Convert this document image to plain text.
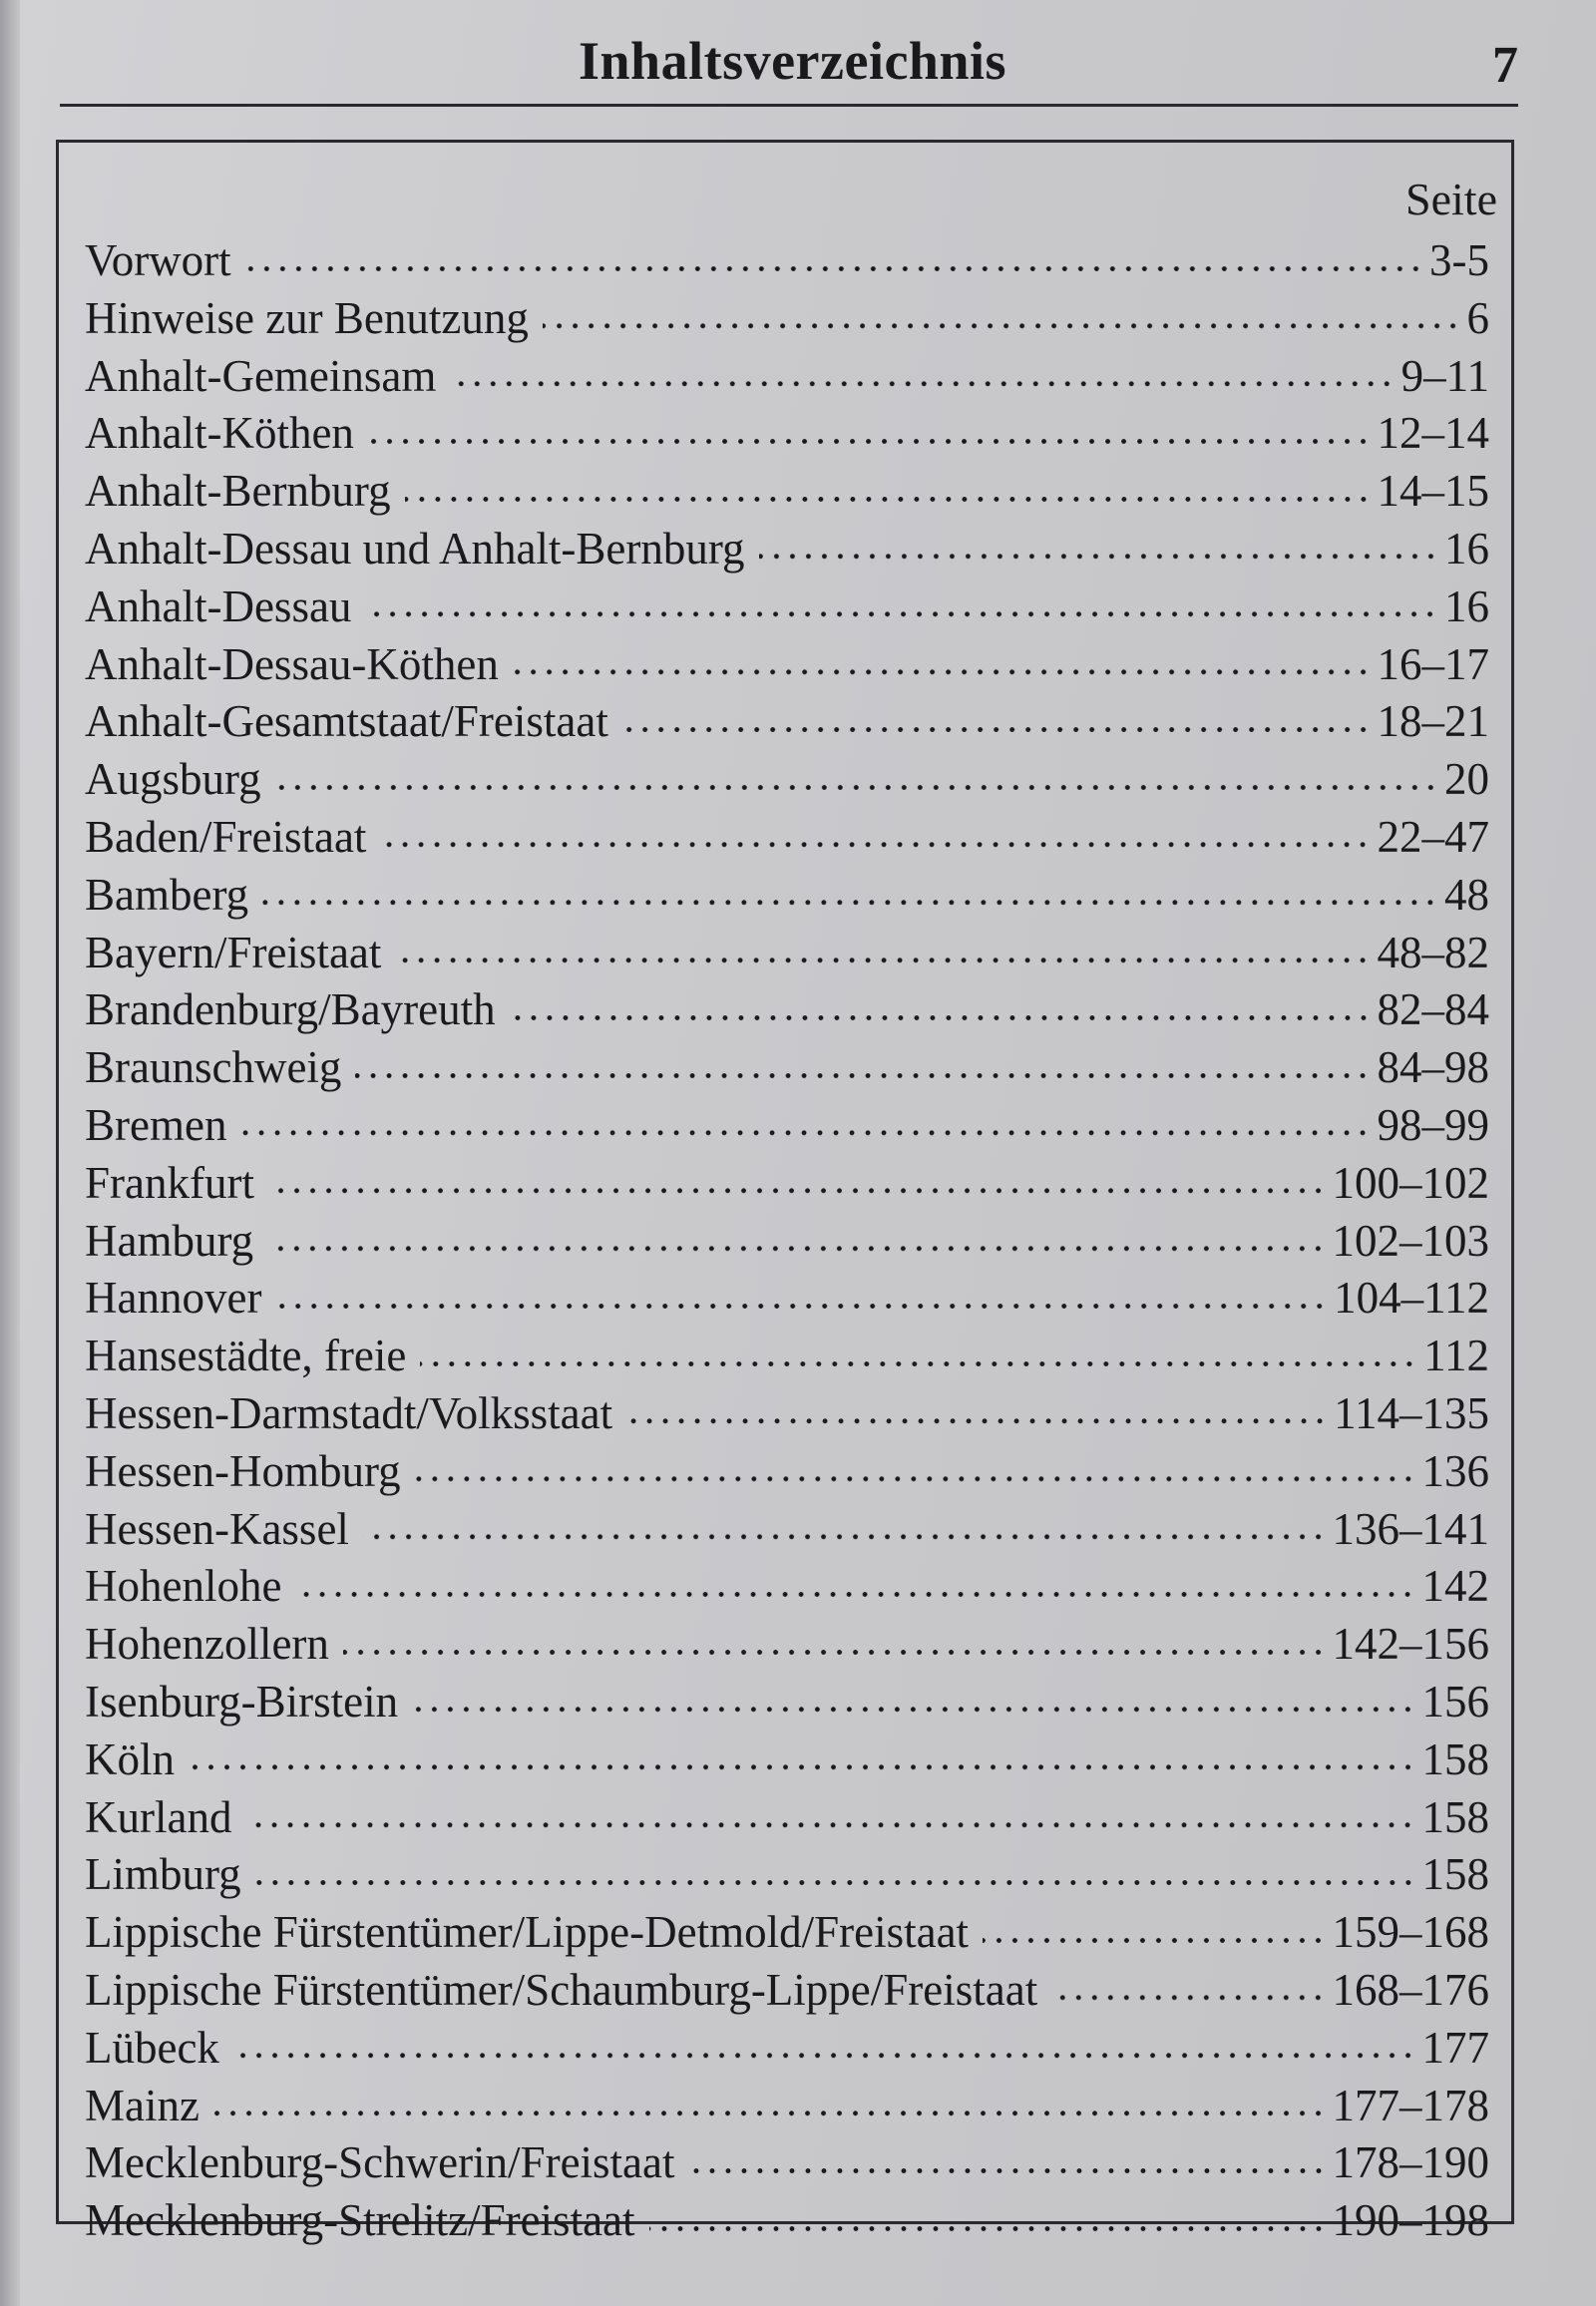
Inhaltsverzeichnis	7
Seite
Vorwort	3-5
Hinweise zur Benutzung	6
Anhalt-Gemeinsam	9–11
Anhalt-Köthen	12–14
Anhalt-Bernburg	14–15
Anhalt-Dessau und Anhalt-Bernburg	16
Anhalt-Dessau	16
Anhalt-Dessau-Köthen	16–17
Anhalt-Gesamtstaat/Freistaat	18–21
Augsburg	20
Baden/Freistaat	22–47
Bamberg	48
Bayern/Freistaat	48–82
Brandenburg/Bayreuth	82–84
Braunschweig	84–98
Bremen	98–99
Frankfurt	100–102
Hamburg	102–103
Hannover	104–112
Hansestädte, freie	112
Hessen-Darmstadt/Volksstaat	114–135
Hessen-Homburg	136
Hessen-Kassel	136–141
Hohenlohe	142
Hohenzollern	142–156
Isenburg-Birstein	156
Köln	158
Kurland	158
Limburg	158
Lippische Fürstentümer/Lippe-Detmold/Freistaat	159–168
Lippische Fürstentümer/Schaumburg-Lippe/Freistaat	168–176
Lübeck	177
Mainz	177–178
Mecklenburg-Schwerin/Freistaat	178–190
Mecklenburg-Strelitz/Freistaat	190–198
